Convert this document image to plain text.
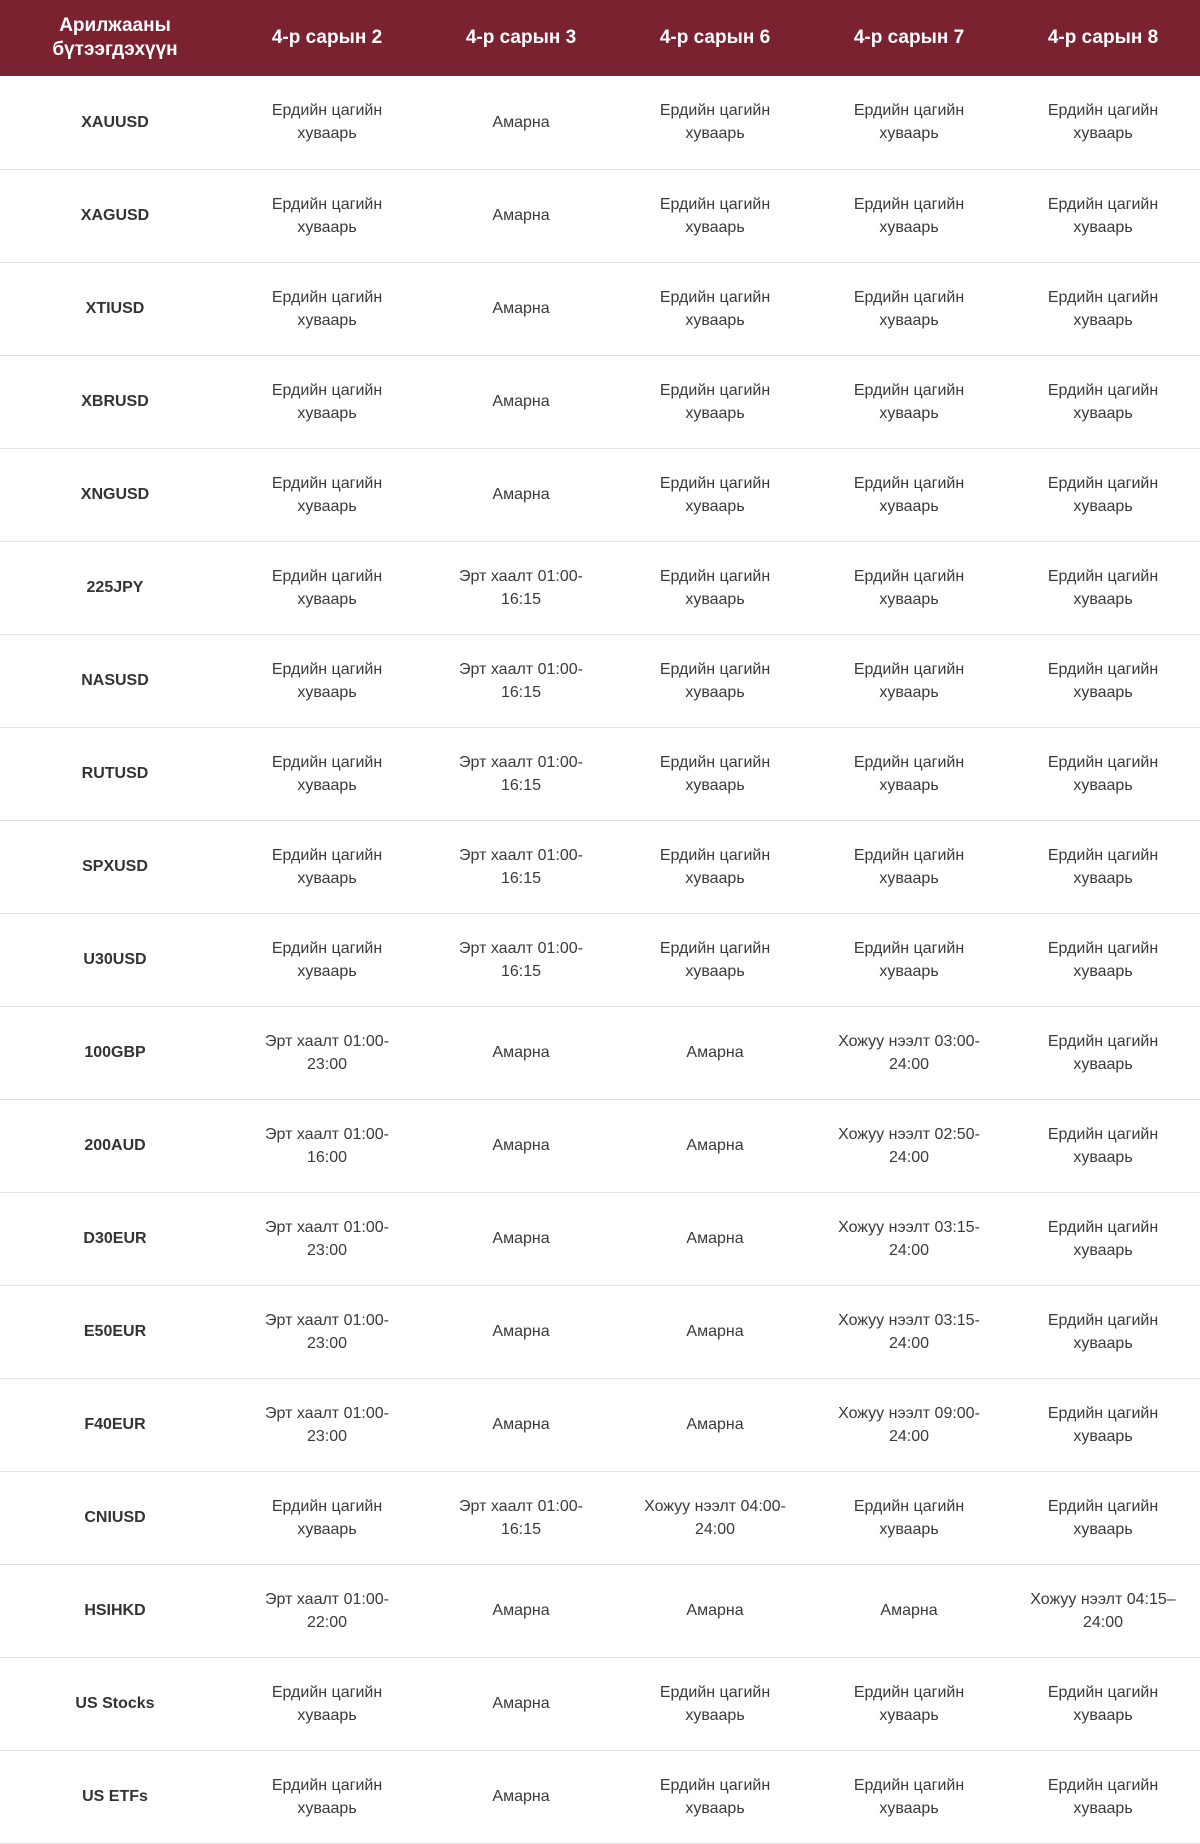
Арилжааны бүтээгдэхүүн	4-р сарын 2	4-р сарын 3	4-р сарын 6	4-р сарын 7	4-р сарын 8
XAUUSD	Ердийн цагийн хуваарь	Амарна	Ердийн цагийн хуваарь	Ердийн цагийн хуваарь	Ердийн цагийн хуваарь
XAGUSD	Ердийн цагийн хуваарь	Амарна	Ердийн цагийн хуваарь	Ердийн цагийн хуваарь	Ердийн цагийн хуваарь
XTIUSD	Ердийн цагийн хуваарь	Амарна	Ердийн цагийн хуваарь	Ердийн цагийн хуваарь	Ердийн цагийн хуваарь
XBRUSD	Ердийн цагийн хуваарь	Амарна	Ердийн цагийн хуваарь	Ердийн цагийн хуваарь	Ердийн цагийн хуваарь
XNGUSD	Ердийн цагийн хуваарь	Амарна	Ердийн цагийн хуваарь	Ердийн цагийн хуваарь	Ердийн цагийн хуваарь
225JPY	Ердийн цагийн хуваарь	Эрт хаалт 01:00-16:15	Ердийн цагийн хуваарь	Ердийн цагийн хуваарь	Ердийн цагийн хуваарь
NASUSD	Ердийн цагийн хуваарь	Эрт хаалт 01:00-16:15	Ердийн цагийн хуваарь	Ердийн цагийн хуваарь	Ердийн цагийн хуваарь
RUTUSD	Ердийн цагийн хуваарь	Эрт хаалт 01:00-16:15	Ердийн цагийн хуваарь	Ердийн цагийн хуваарь	Ердийн цагийн хуваарь
SPXUSD	Ердийн цагийн хуваарь	Эрт хаалт 01:00-16:15	Ердийн цагийн хуваарь	Ердийн цагийн хуваарь	Ердийн цагийн хуваарь
U30USD	Ердийн цагийн хуваарь	Эрт хаалт 01:00-16:15	Ердийн цагийн хуваарь	Ердийн цагийн хуваарь	Ердийн цагийн хуваарь
100GBP	Эрт хаалт 01:00-23:00	Амарна	Амарна	Хожуу нээлт 03:00-24:00	Ердийн цагийн хуваарь
200AUD	Эрт хаалт 01:00-16:00	Амарна	Амарна	Хожуу нээлт 02:50-24:00	Ердийн цагийн хуваарь
D30EUR	Эрт хаалт 01:00-23:00	Амарна	Амарна	Хожуу нээлт 03:15-24:00	Ердийн цагийн хуваарь
E50EUR	Эрт хаалт 01:00-23:00	Амарна	Амарна	Хожуу нээлт 03:15-24:00	Ердийн цагийн хуваарь
F40EUR	Эрт хаалт 01:00-23:00	Амарна	Амарна	Хожуу нээлт 09:00-24:00	Ердийн цагийн хуваарь
CNIUSD	Ердийн цагийн хуваарь	Эрт хаалт 01:00-16:15	Хожуу нээлт 04:00-24:00	Ердийн цагийн хуваарь	Ердийн цагийн хуваарь
HSIHKD	Эрт хаалт 01:00-22:00	Амарна	Амарна	Амарна	Хожуу нээлт 04:15–24:00
US Stocks	Ердийн цагийн хуваарь	Амарна	Ердийн цагийн хуваарь	Ердийн цагийн хуваарь	Ердийн цагийн хуваарь
US ETFs	Ердийн цагийн хуваарь	Амарна	Ердийн цагийн хуваарь	Ердийн цагийн хуваарь	Ердийн цагийн хуваарь
